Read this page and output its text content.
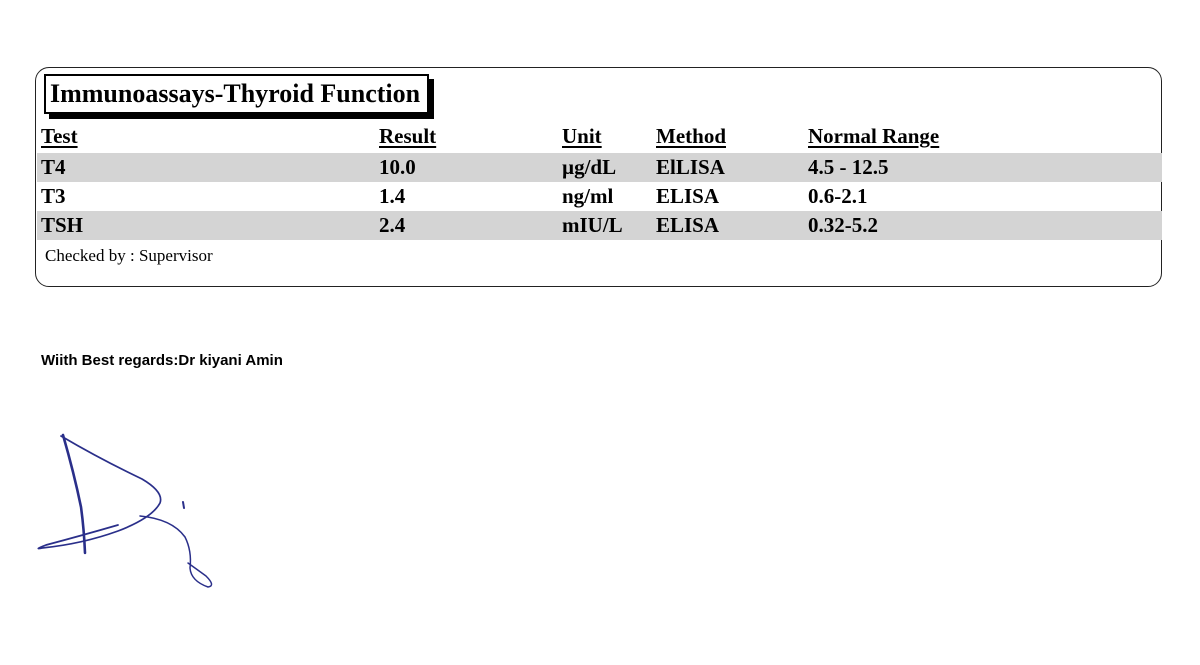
Immunoassays-Thyroid Function
Test	Result	Unit	Method	Normal Range
T4	10.0	µg/dL ElLISA	4.5 - 12.5
T3	1.4	ng/ml ELISA	0.6-2.1
TSH	2.4	mIU/L ELISA	0.32-5.2
Checked by : Supervisor
Wiith Best regards:Dr kiyani Amin
